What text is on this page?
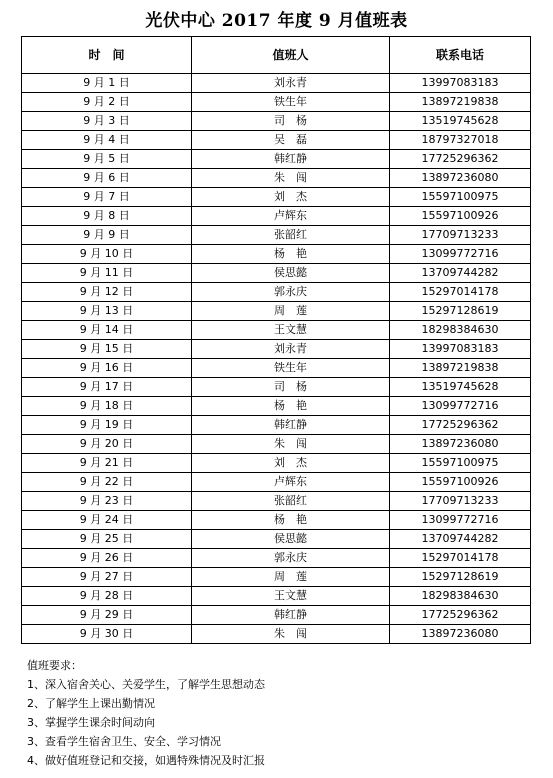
光伏中心 2017 年度 9 月值班表
时　间	值班人	联系电话
9 月 1 日	刘永青	13997083183
9 月 2 日	铁生年	13897219838
9 月 3 日	司　杨	13519745628
9 月 4 日	吴　磊	18797327018
9 月 5 日	韩红静	17725296362
9 月 6 日	朱　闯	13897236080
9 月 7 日	刘　杰	15597100975
9 月 8 日	卢辉东	15597100926
9 月 9 日	张韶红	17709713233
9 月 10 日	杨　艳	13099772716
9 月 11 日	侯思懿	13709744282
9 月 12 日	郭永庆	15297014178
9 月 13 日	周　莲	15297128619
9 月 14 日	王文慧	18298384630
9 月 15 日	刘永青	13997083183
9 月 16 日	铁生年	13897219838
9 月 17 日	司　杨	13519745628
9 月 18 日	杨　艳	13099772716
9 月 19 日	韩红静	17725296362
9 月 20 日	朱　闯	13897236080
9 月 21 日	刘　杰	15597100975
9 月 22 日	卢辉东	15597100926
9 月 23 日	张韶红	17709713233
9 月 24 日	杨　艳	13099772716
9 月 25 日	侯思懿	13709744282
9 月 26 日	郭永庆	15297014178
9 月 27 日	周　莲	15297128619
9 月 28 日	王文慧	18298384630
9 月 29 日	韩红静	17725296362
9 月 30 日	朱　闯	13897236080
值班要求：
1、深入宿舍关心、关爱学生，了解学生思想动态
2、了解学生上课出勤情况
3、掌握学生课余时间动向
3、查看学生宿舍卫生、安全、学习情况
4、做好值班登记和交接，如遇特殊情况及时汇报
